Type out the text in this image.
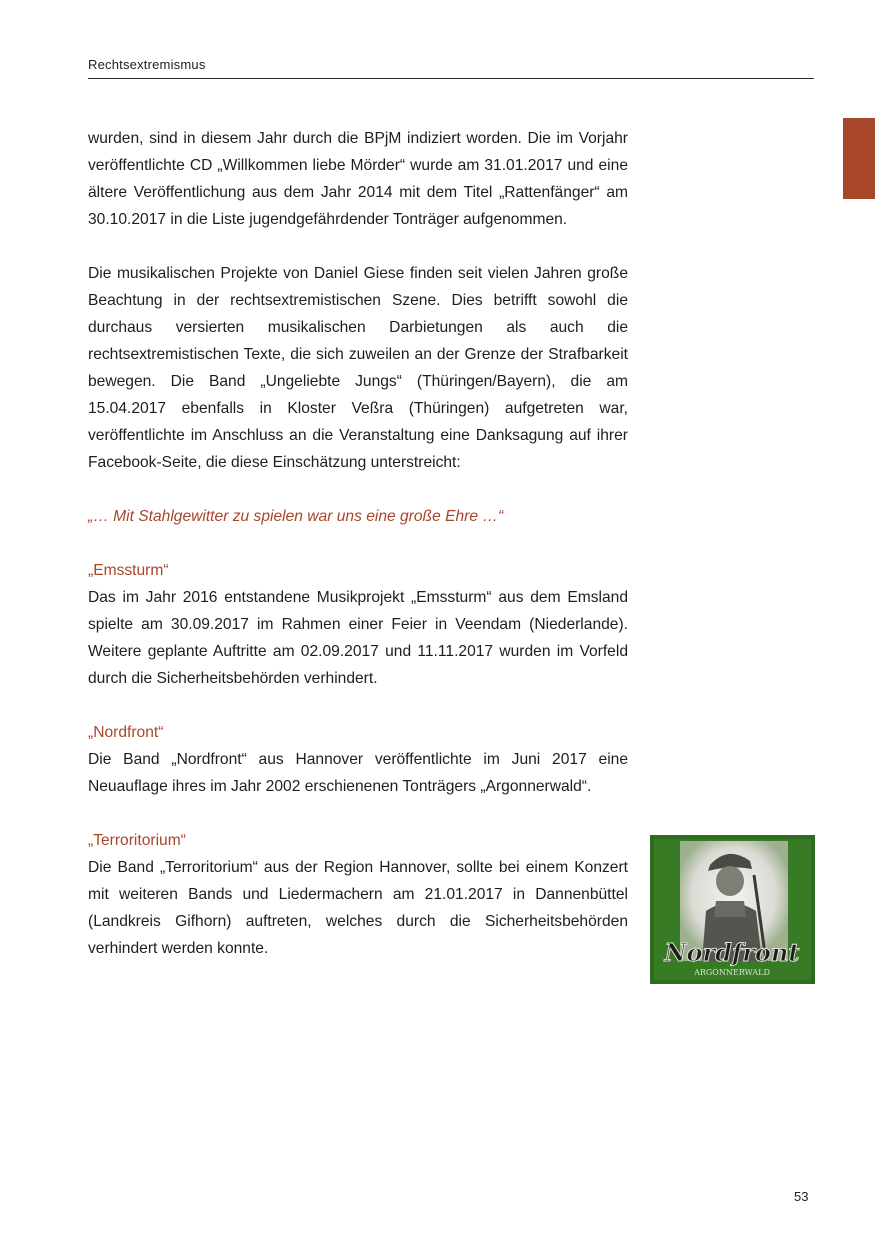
Rechtsextremismus

wurden, sind in diesem Jahr durch die BPjM indiziert worden. Die im Vorjahr veröffentlichte CD „Willkommen liebe Mörder“ wurde am 31.01.2017 und eine ältere Veröffentlichung aus dem Jahr 2014 mit dem Titel „Rattenfänger“ am 30.10.2017 in die Liste jugendgefährdender Tonträger aufgenommen.

Die musikalischen Projekte von Daniel Giese finden seit vielen Jahren große Beachtung in der rechtsextremistischen Szene. Dies betrifft sowohl die durchaus versierten musikalischen Darbietungen als auch die rechtsextremistischen Texte, die sich zuweilen an der Grenze der Strafbarkeit bewegen. Die Band „Ungeliebte Jungs“ (Thüringen/Bayern), die am 15.04.2017 ebenfalls in Kloster Veßra (Thüringen) aufgetreten war, veröffentlichte im Anschluss an die Veranstaltung eine Danksagung auf ihrer Facebook-Seite, die diese Einschätzung unterstreicht:

„… Mit Stahlgewitter zu spielen war uns eine große Ehre …“

„Emssturm“

Das im Jahr 2016 entstandene Musikprojekt „Emssturm“ aus dem Emsland spielte am 30.09.2017 im Rahmen einer Feier in Veendam (Niederlande). Weitere geplante Auftritte am 02.09.2017 und 11.11.2017 wurden im Vorfeld durch die Sicherheitsbehörden verhindert.

„Nordfront“

Die Band „Nordfront“ aus Hannover veröffentlichte im Juni 2017 eine Neuauflage ihres im Jahr 2002 erschienenen Tonträgers „Argonnerwald“.

„Terroritorium“

Die Band „Terroritorium“ aus der Region Hannover, sollte bei einem Konzert mit weiteren Bands und Liedermachern am 21.01.2017 in Dannenbüttel (Landkreis Gifhorn) auftreten, welches durch die Sicherheitsbehörden verhindert werden konnte.	Nordfront
ARGONNERWALD
53
